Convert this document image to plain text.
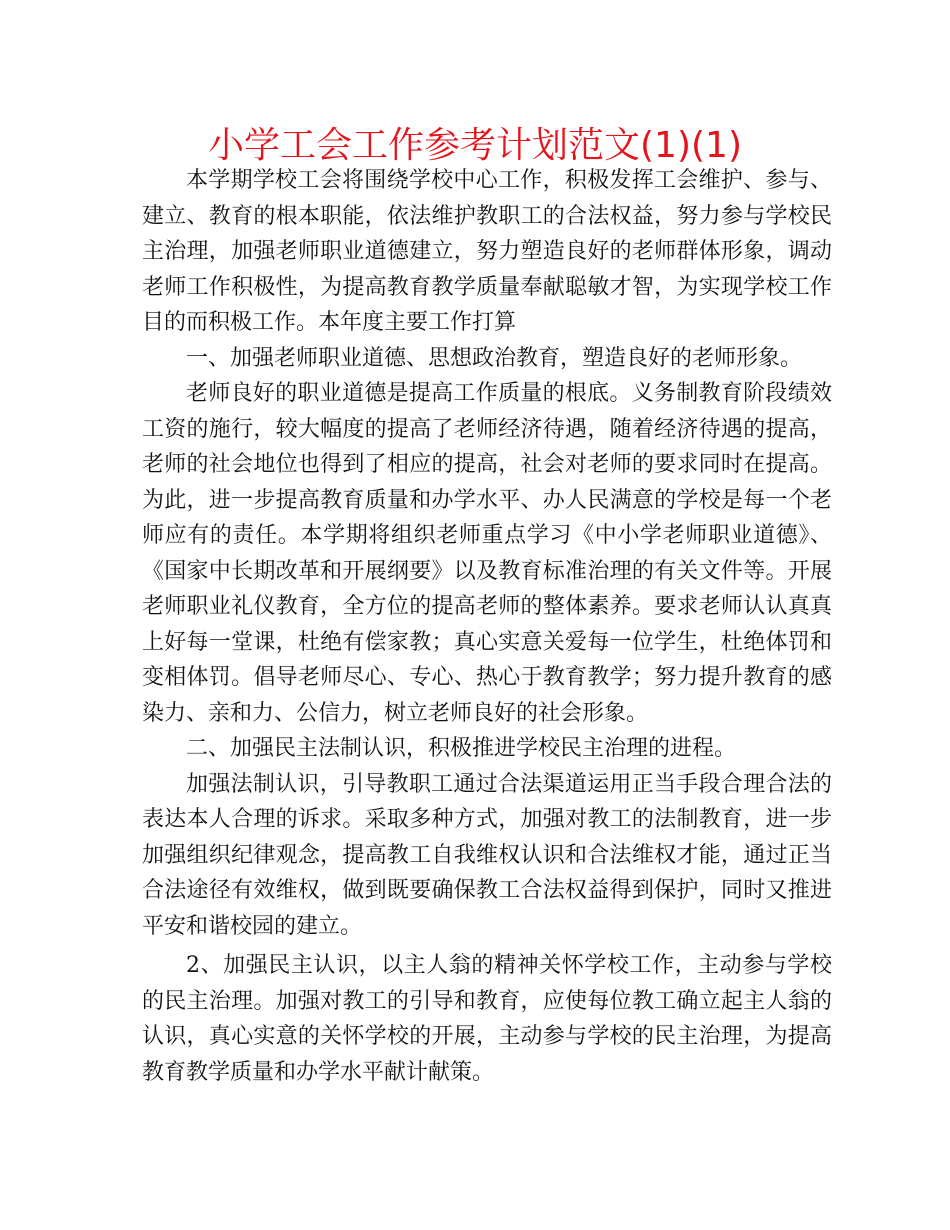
小学工会工作参考计划范文(1)(1)

本学期学校工会将围绕学校中心工作，积极发挥工会维护、参与、建立、教育的根本职能，依法维护教职工的合法权益，努力参与学校民主治理，加强老师职业道德建立，努力塑造良好的老师群体形象，调动老师工作积极性，为提高教育教学质量奉献聪敏才智，为实现学校工作目的而积极工作。本年度主要工作打算

一、加强老师职业道德、思想政治教育，塑造良好的老师形象。

老师良好的职业道德是提高工作质量的根底。义务制教育阶段绩效工资的施行，较大幅度的提高了老师经济待遇，随着经济待遇的提高，老师的社会地位也得到了相应的提高，社会对老师的要求同时在提高。为此，进一步提高教育质量和办学水平、办人民满意的学校是每一个老师应有的责任。本学期将组织老师重点学习《中小学老师职业道德》、《国家中长期改革和开展纲要》以及教育标准治理的有关文件等。开展老师职业礼仪教育，全方位的提高老师的整体素养。要求老师认认真真上好每一堂课，杜绝有偿家教；真心实意关爱每一位学生，杜绝体罚和变相体罚。倡导老师尽心、专心、热心于教育教学；努力提升教育的感染力、亲和力、公信力，树立老师良好的社会形象。

二、加强民主法制认识，积极推进学校民主治理的进程。

加强法制认识，引导教职工通过合法渠道运用正当手段合理合法的表达本人合理的诉求。采取多种方式，加强对教工的法制教育，进一步加强组织纪律观念，提高教工自我维权认识和合法维权才能，通过正当合法途径有效维权，做到既要确保教工合法权益得到保护，同时又推进平安和谐校园的建立。

2、加强民主认识，以主人翁的精神关怀学校工作，主动参与学校的民主治理。加强对教工的引导和教育，应使每位教工确立起主人翁的认识，真心实意的关怀学校的开展，主动参与学校的民主治理，为提高教育教学质量和办学水平献计献策。
